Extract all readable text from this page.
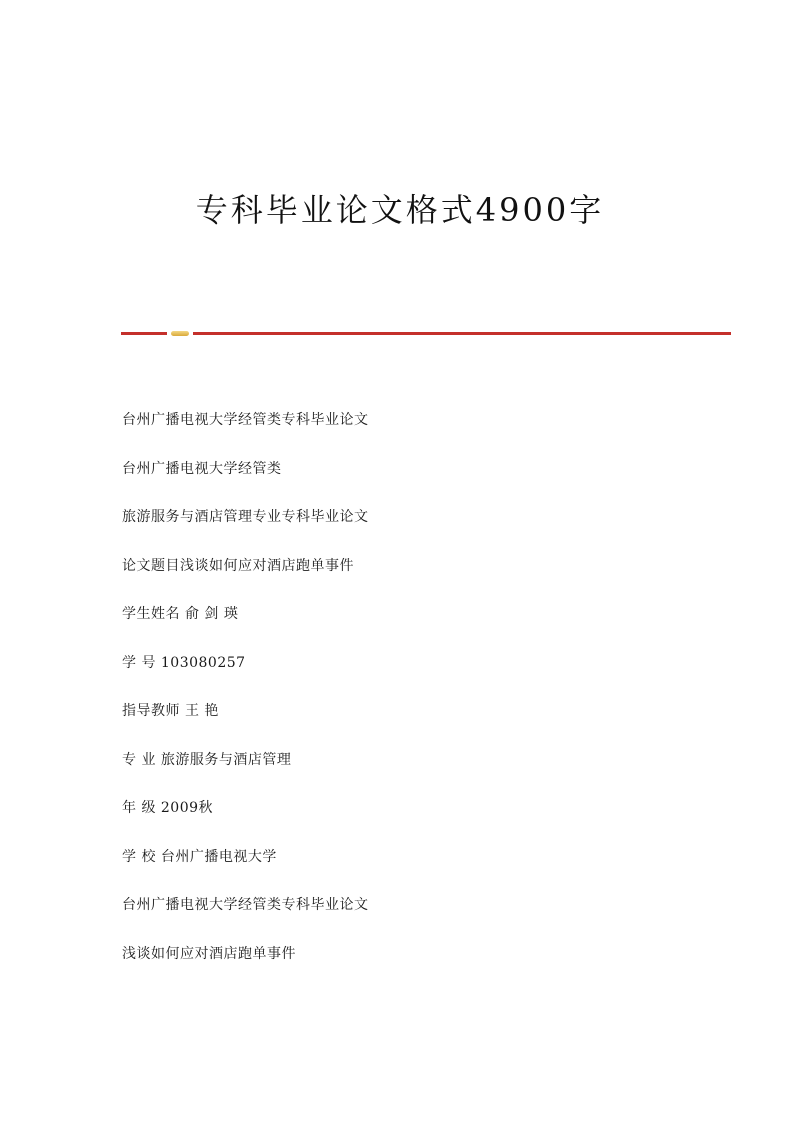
专科毕业论文格式4900字
台州广播电视大学经管类专科毕业论文
台州广播电视大学经管类
旅游服务与酒店管理专业专科毕业论文
论文题目浅谈如何应对酒店跑单事件
学生姓名 俞 剑 瑛
学 号 103080257
指导教师 王 艳
专 业 旅游服务与酒店管理
年 级 2009秋
学 校 台州广播电视大学
台州广播电视大学经管类专科毕业论文
浅谈如何应对酒店跑单事件
